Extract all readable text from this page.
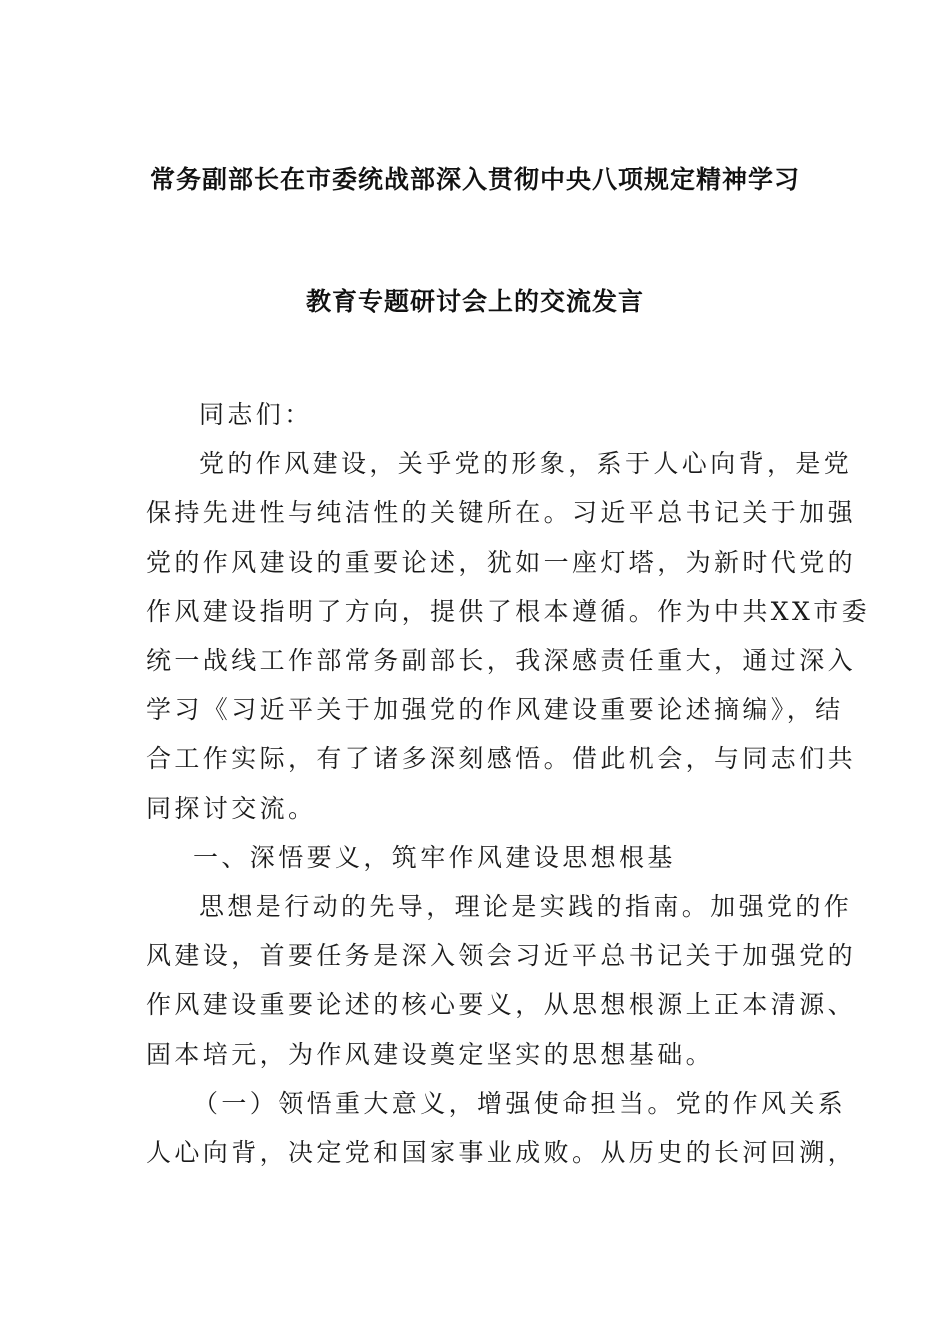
常务副部长在市委统战部深入贯彻中央八项规定精神学习
教育专题研讨会上的交流发言

同志们：

党的作风建设，关乎党的形象，系于人心向背，是党
保持先进性与纯洁性的关键所在。习近平总书记关于加强
党的作风建设的重要论述，犹如一座灯塔，为新时代党的
作风建设指明了方向，提供了根本遵循。作为中共XX市委
统一战线工作部常务副部长，我深感责任重大，通过深入
学习《习近平关于加强党的作风建设重要论述摘编》，结
合工作实际，有了诸多深刻感悟。借此机会，与同志们共
同探讨交流。

一、深悟要义，筑牢作风建设思想根基

思想是行动的先导，理论是实践的指南。加强党的作
风建设，首要任务是深入领会习近平总书记关于加强党的
作风建设重要论述的核心要义，从思想根源上正本清源、
固本培元，为作风建设奠定坚实的思想基础。

（一）领悟重大意义，增强使命担当。党的作风关系
人心向背，决定党和国家事业成败。从历史的长河回溯，
